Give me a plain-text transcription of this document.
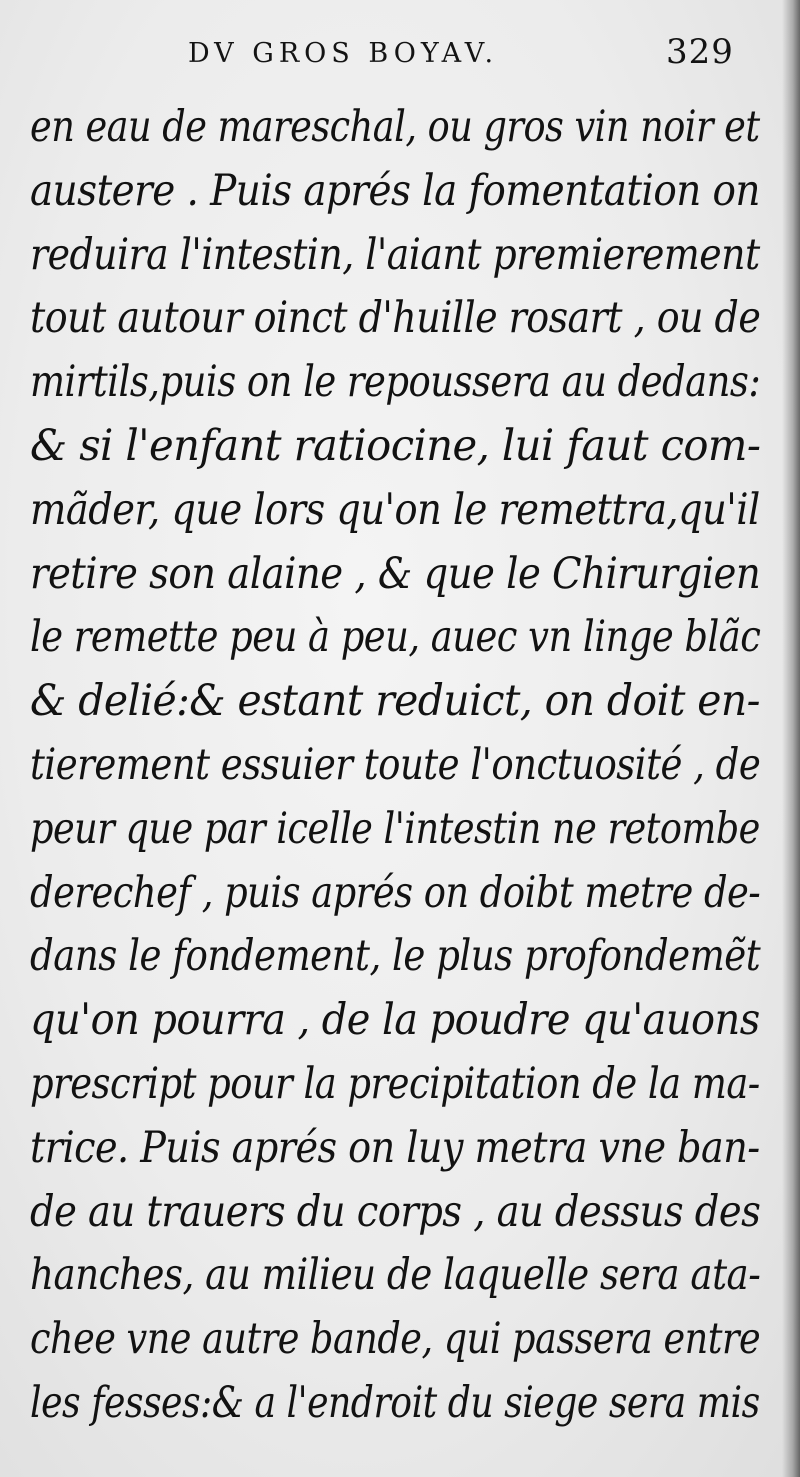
DV GROS BOYAV.	329
en eau de mareschal, ou gros vin noir et
austere . Puis aprés la fomentation on
reduira l'intestin, l'aiant premierement
tout autour oinct d'huille rosart , ou de
mirtils,puis on le repoussera au dedans:
& si l'enfant ratiocine, lui faut com-
mãder, que lors qu'on le remettra,qu'il
retire son alaine , & que le Chirurgien
le remette peu à peu, auec vn linge blãc
& delié:& estant reduict, on doit en-
tierement essuier toute l'onctuosité , de
peur que par icelle l'intestin ne retombe
derechef , puis aprés on doibt metre de-
dans le fondement, le plus profondemẽt
qu'on pourra , de la poudre qu'auons
prescript pour la precipitation de la ma-
trice. Puis aprés on luy metra vne ban-
de au trauers du corps , au dessus des
hanches, au milieu de laquelle sera ata-
chee vne autre bande, qui passera entre
les fesses:& a l'endroit du siege sera mis
